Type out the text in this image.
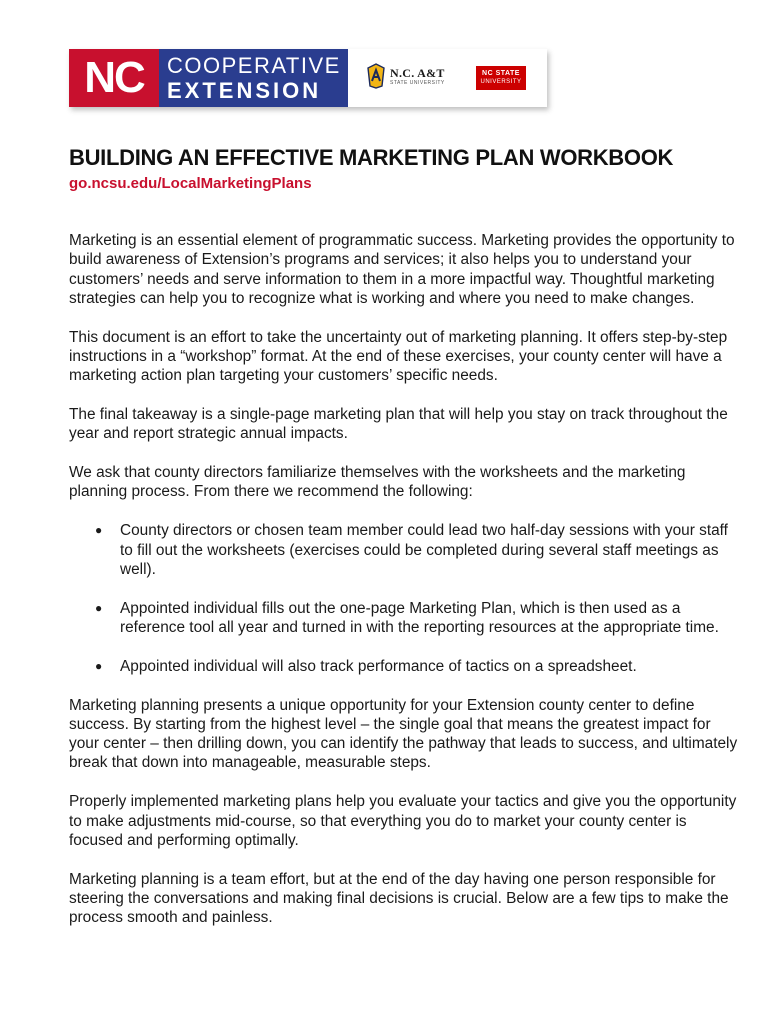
NC	COOPERATIVE
EXTENSION
N.C. A&T
STATE UNIVERSITY
NC STATE
UNIVERSITY
BUILDING AN EFFECTIVE MARKETING PLAN WORKBOOK
go.ncsu.edu/LocalMarketingPlans

Marketing is an essential element of programmatic success. Marketing provides the opportunity to build awareness of Extension’s programs and services; it also helps you to understand your customers’ needs and serve information to them in a more impactful way. Thoughtful marketing strategies can help you to recognize what is working and where you need to make changes.

This document is an effort to take the uncertainty out of marketing planning. It offers step-by-step instructions in a “workshop” format. At the end of these exercises, your county center will have a marketing action plan targeting your customers’ specific needs.

The final takeaway is a single-page marketing plan that will help you stay on track throughout the year and report strategic annual impacts.

We ask that county directors familiarize themselves with the worksheets and the marketing planning process. From there we recommend the following:

● County directors or chosen team member could lead two half-day sessions with your staff to fill out the worksheets (exercises could be completed during several staff meetings as well).
● Appointed individual fills out the one-page Marketing Plan, which is then used as a reference tool all year and turned in with the reporting resources at the appropriate time.
● Appointed individual will also track performance of tactics on a spreadsheet.

Marketing planning presents a unique opportunity for your Extension county center to define success. By starting from the highest level – the single goal that means the greatest impact for your center – then drilling down, you can identify the pathway that leads to success, and ultimately break that down into manageable, measurable steps.

Properly implemented marketing plans help you evaluate your tactics and give you the opportunity to make adjustments mid-course, so that everything you do to market your county center is focused and performing optimally.

Marketing planning is a team effort, but at the end of the day having one person responsible for steering the conversations and making final decisions is crucial. Below are a few tips to make the process smooth and painless.
